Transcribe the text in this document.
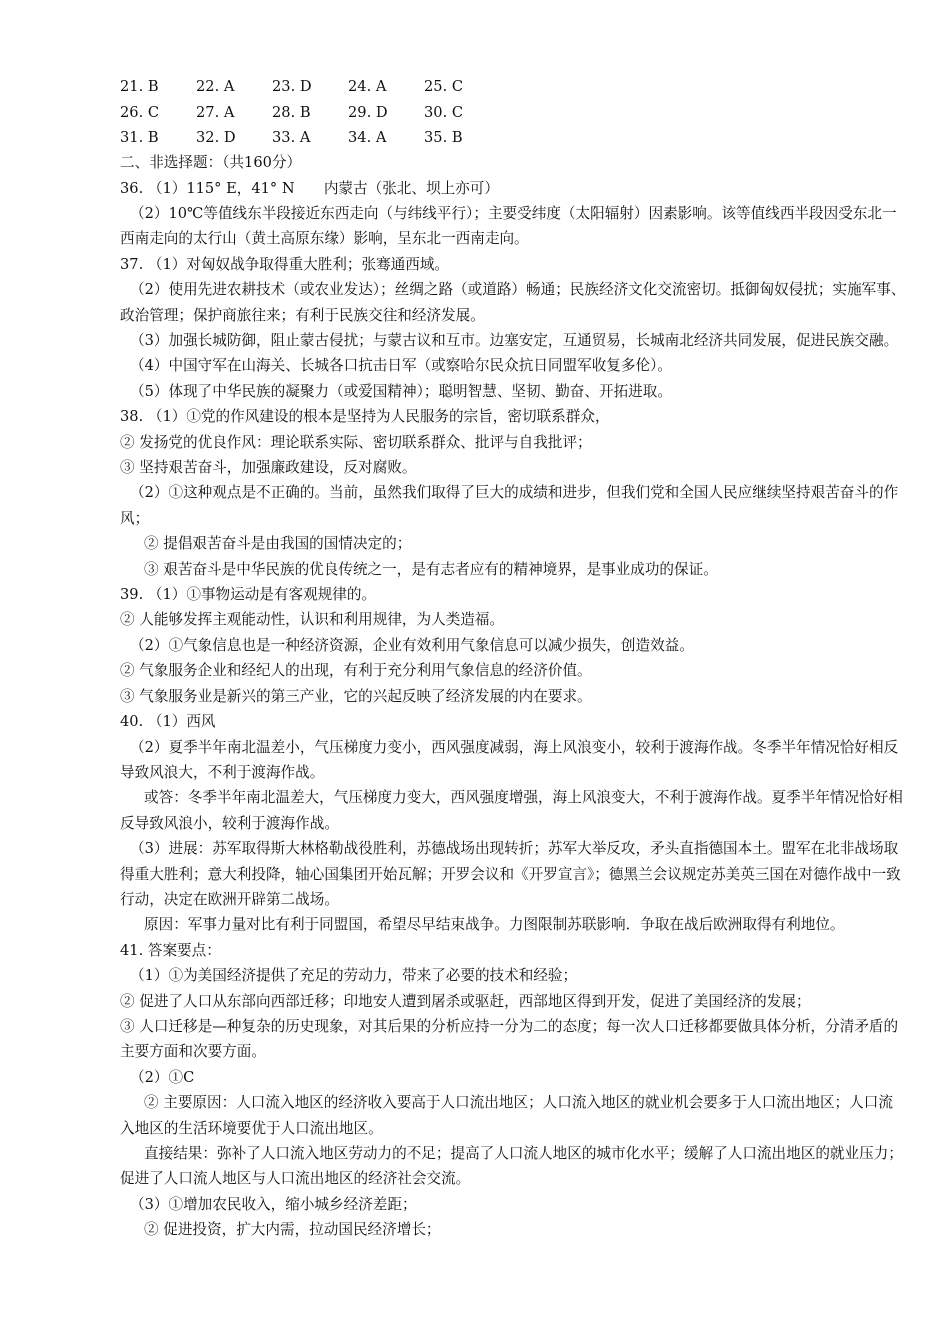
21. B	22. A	23. D	24. A	25. C
26. C	27. A	28. B	29. D	30. C
31. B	32. D	33. A	34. A	35. B
二、非选择题：（共160分）
36. （1）115° E，41° N　　内蒙古（张北、坝上亦可）
（2）10℃等值线东半段接近东西走向（与纬线平行）；主要受纬度（太阳辐射）因素影响。该等值线西半段因受东北一西南走向的太行山（黄土高原东缘）影响，呈东北一西南走向。
37. （1）对匈奴战争取得重大胜利；张骞通西域。
（2）使用先进农耕技术（或农业发达）；丝绸之路（或道路）畅通；民族经济文化交流密切。抵御匈奴侵扰；实施军事、政治管理；保护商旅往来；有利于民族交往和经济发展。
（3）加强长城防御，阻止蒙古侵扰；与蒙古议和互市。边塞安定，互通贸易，长城南北经济共同发展，促进民族交融。
（4）中国守军在山海关、长城各口抗击日军（或察哈尔民众抗日同盟军收复多伦）。
（5）体现了中华民族的凝聚力（或爱国精神）；聪明智慧、坚韧、勤奋、开拓进取。
38. （1）①党的作风建设的根本是坚持为人民服务的宗旨，密切联系群众，
② 发扬党的优良作风：理论联系实际、密切联系群众、批评与自我批评；
③ 坚持艰苦奋斗，加强廉政建设，反对腐败。
（2）①这种观点是不正确的。当前，虽然我们取得了巨大的成绩和进步，但我们党和全国人民应继续坚持艰苦奋斗的作风；
② 提倡艰苦奋斗是由我国的国情决定的；
③ 艰苦奋斗是中华民族的优良传统之一，是有志者应有的精神境界，是事业成功的保证。
39. （1）①事物运动是有客观规律的。
② 人能够发挥主观能动性，认识和利用规律，为人类造福。
（2）①气象信息也是一种经济资源，企业有效利用气象信息可以减少损失，创造效益。
② 气象服务企业和经纪人的出现，有利于充分利用气象信息的经济价值。
③ 气象服务业是新兴的第三产业，它的兴起反映了经济发展的内在要求。
40. （1）西风
（2）夏季半年南北温差小，气压梯度力变小，西风强度减弱，海上风浪变小，较利于渡海作战。冬季半年情况恰好相反导致风浪大，不利于渡海作战。
或答：冬季半年南北温差大，气压梯度力变大，西风强度增强，海上风浪变大，不利于渡海作战。夏季半年情况恰好相反导致风浪小，较利于渡海作战。
（3）进展：苏军取得斯大林格勒战役胜利，苏德战场出现转折；苏军大举反攻，矛头直指德国本土。盟军在北非战场取得重大胜利；意大利投降，轴心国集团开始瓦解；开罗会议和《开罗宣言》；德黑兰会议规定苏美英三国在对德作战中一致行动，决定在欧洲开辟第二战场。
原因：军事力量对比有利于同盟国，希望尽早结束战争。力图限制苏联影响．争取在战后欧洲取得有利地位。
41. 答案要点：
（1）①为美国经济提供了充足的劳动力，带来了必要的技术和经验；
② 促进了人口从东部向西部迁移；印地安人遭到屠杀或驱赶，西部地区得到开发，促进了美国经济的发展；
③ 人口迁移是—种复杂的历史现象，对其后果的分析应持一分为二的态度；每一次人口迁移都要做具体分析，分清矛盾的主要方面和次要方面。
（2）①C
② 主要原因：人口流入地区的经济收入要高于人口流出地区；人口流入地区的就业机会要多于人口流出地区；人口流入地区的生活环境要优于人口流出地区。
直接结果：弥补了人口流入地区劳动力的不足；提高了人口流人地区的城市化水平；缓解了人口流出地区的就业压力；促进了人口流人地区与人口流出地区的经济社会交流。
（3）①增加农民收入，缩小城乡经济差距；
② 促进投资，扩大内需，拉动国民经济增长；
